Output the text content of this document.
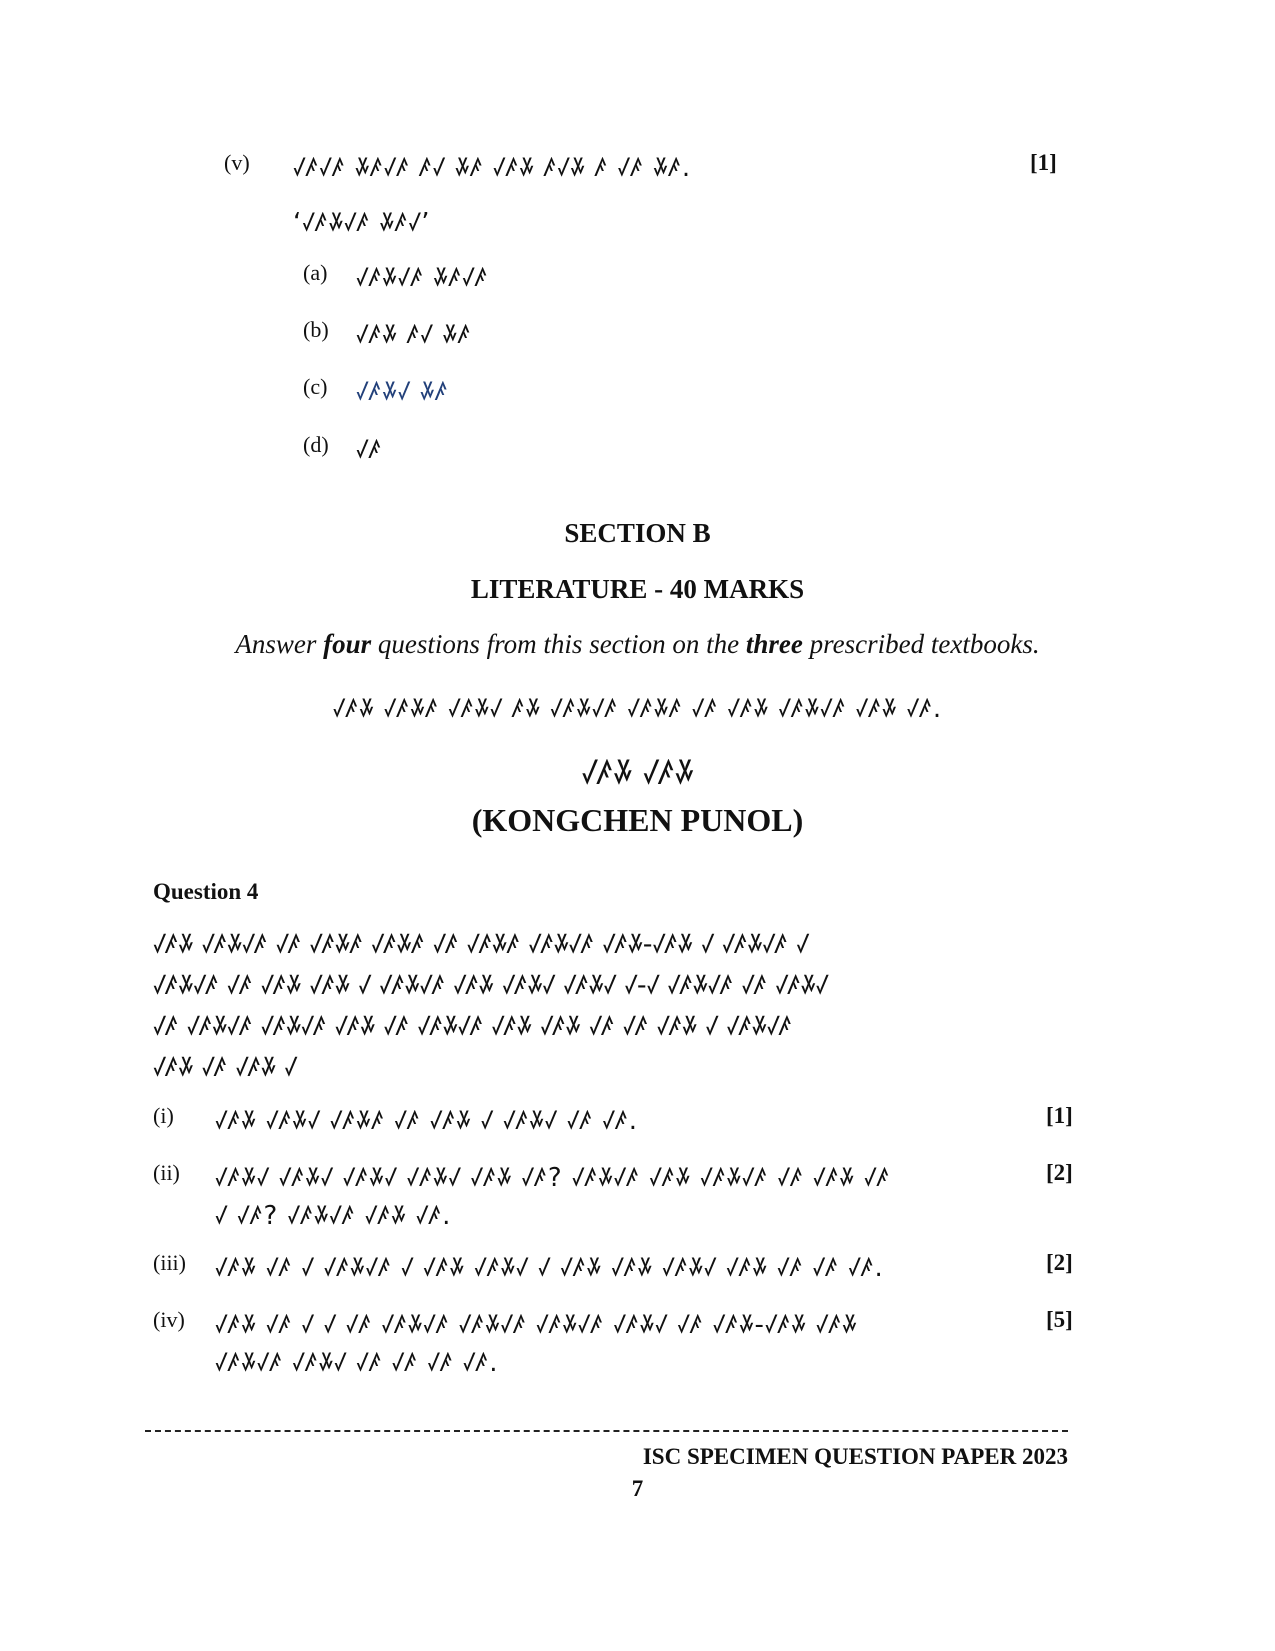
(v) ꤶꤰꤶꤰ ꤸꤰꤶꤰ ꤰꤶ ꤸꤰ ꤶꤰꤸ ꤰꤶꤸ ꤰ ꤶꤰ ꤸꤰ.	[1]
‘ꤶꤰꤸꤶꤰ ꤸꤰꤶ’
(a) ꤶꤰꤸꤶꤰ ꤸꤰꤶꤰ
(b) ꤶꤰꤸ ꤰꤶ ꤸꤰ
(c) ꤶꤰꤸꤶ ꤸꤰ
(d) ꤶꤰ
SECTION B
LITERATURE - 40 MARKS
Answer four questions from this section on the three prescribed textbooks.
ꤶꤰꤸ ꤶꤰꤸꤰ ꤶꤰꤸꤶ ꤰꤸ ꤶꤰꤸꤶꤰ ꤶꤰꤸꤰ ꤶꤰ ꤶꤰꤸ ꤶꤰꤸꤶꤰ ꤶꤰꤸ ꤶꤰ.
ꤶꤰꤸ ꤶꤰꤸ
(KONGCHEN PUNOL)
Question 4
ꤶꤰꤸ ꤶꤰꤸꤶꤰ ꤶꤰ ꤶꤰꤸꤰ ꤶꤰꤸꤰ ꤶꤰ ꤶꤰꤸꤰ ꤶꤰꤸꤶꤰ ꤶꤰꤸ-ꤶꤰꤸ ꤶ ꤶꤰꤸꤶꤰ ꤶ
ꤶꤰꤸꤶꤰ ꤶꤰ ꤶꤰꤸ ꤶꤰꤸ ꤶ ꤶꤰꤸꤶꤰ ꤶꤰꤸ ꤶꤰꤸꤶ ꤶꤰꤸꤶ ꤶ-ꤶ ꤶꤰꤸꤶꤰ ꤶꤰ ꤶꤰꤸꤶ
ꤶꤰ ꤶꤰꤸꤶꤰ ꤶꤰꤸꤶꤰ ꤶꤰꤸ ꤶꤰ ꤶꤰꤸꤶꤰ ꤶꤰꤸ ꤶꤰꤸ ꤶꤰ ꤶꤰ ꤶꤰꤸ ꤶ ꤶꤰꤸꤶꤰ
ꤶꤰꤸ ꤶꤰ ꤶꤰꤸ ꤶ
(i) ꤶꤰꤸ ꤶꤰꤸꤶ ꤶꤰꤸꤰ ꤶꤰ ꤶꤰꤸ ꤶ ꤶꤰꤸꤶ ꤶꤰ ꤶꤰ.	[1]
(ii) ꤶꤰꤸꤶ ꤶꤰꤸꤶ ꤶꤰꤸꤶ ꤶꤰꤸꤶ ꤶꤰꤸ ꤶꤰ? ꤶꤰꤸꤶꤰ ꤶꤰꤸ ꤶꤰꤸꤶꤰ ꤶꤰ ꤶꤰꤸ ꤶꤰ
ꤶ ꤶꤰ? ꤶꤰꤸꤶꤰ ꤶꤰꤸ ꤶꤰ.
[2]
(iii) ꤶꤰꤸ ꤶꤰ ꤶ ꤶꤰꤸꤶꤰ ꤶ ꤶꤰꤸ ꤶꤰꤸꤶ ꤶ ꤶꤰꤸ ꤶꤰꤸ ꤶꤰꤸꤶ ꤶꤰꤸ ꤶꤰ ꤶꤰ ꤶꤰ.	[2]
(iv) ꤶꤰꤸ ꤶꤰ ꤶ ꤶ ꤶꤰ ꤶꤰꤸꤶꤰ ꤶꤰꤸꤶꤰ ꤶꤰꤸꤶꤰ ꤶꤰꤸꤶ ꤶꤰ ꤶꤰꤸ-ꤶꤰꤸ ꤶꤰꤸ
ꤶꤰꤸꤶꤰ ꤶꤰꤸꤶ ꤶꤰ ꤶꤰ ꤶꤰ ꤶꤰ.
[5]
ISC SPECIMEN QUESTION PAPER 2023
7
